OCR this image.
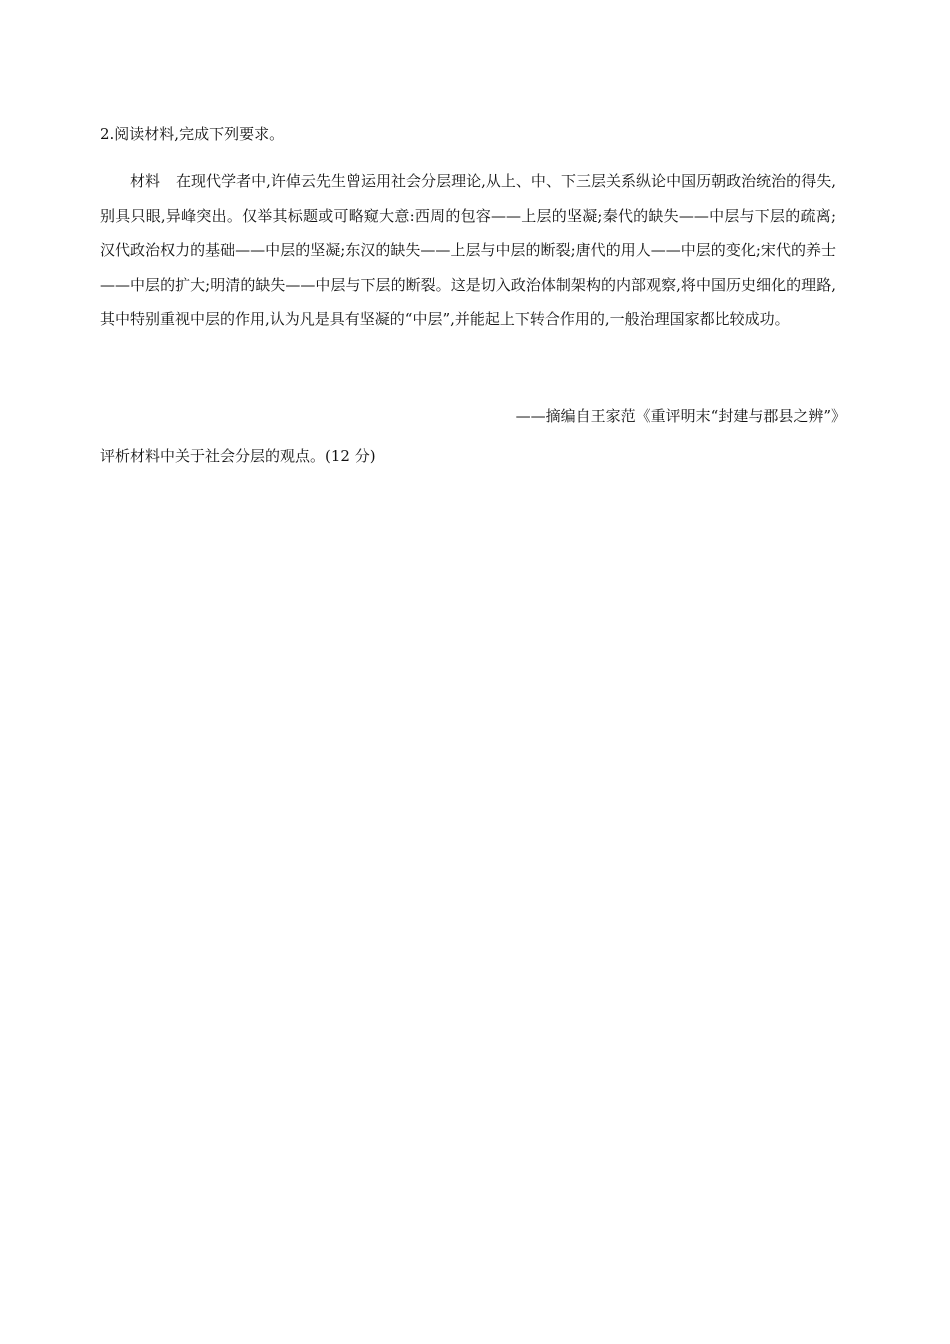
2.阅读材料,完成下列要求。
材料 在现代学者中,许倬云先生曾运用社会分层理论,从上、中、下三层关系纵论中国历朝政治统治的得失,别具只眼,异峰突出。仅举其标题或可略窥大意:西周的包容——上层的坚凝;秦代的缺失——中层与下层的疏离;汉代政治权力的基础——中层的坚凝;东汉的缺失——上层与中层的断裂;唐代的用人——中层的变化;宋代的养士——中层的扩大;明清的缺失——中层与下层的断裂。这是切入政治体制架构的内部观察,将中国历史细化的理路,其中特别重视中层的作用,认为凡是具有坚凝的“中层”,并能起上下转合作用的,一般治理国家都比较成功。
——摘编自王家范《重评明末“封建与郡县之辨”》
评析材料中关于社会分层的观点。(12 分)
